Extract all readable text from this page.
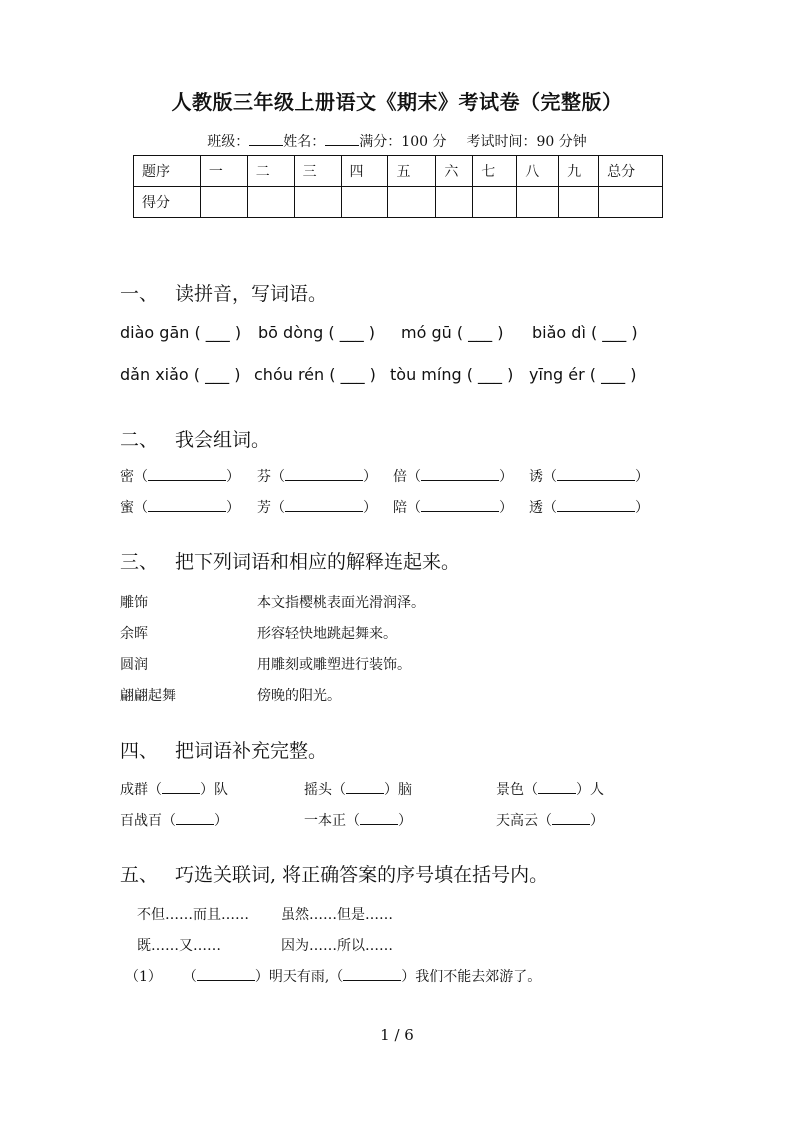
人教版三年级上册语文《期末》考试卷（完整版）
班级： 姓名： 满分：100 分 考试时间：90 分钟
题序	一	二	三	四	五	六	七	八	九	总分
得分										
一、 读拼音，写词语。
diào gān ( ___ ) bō dòng ( ___ ) mó gū ( ___ ) biǎo dì ( ___ )
dǎn xiǎo ( ___ ) chóu rén ( ___ ) tòu míng ( ___ ) yīng ér ( ___ )
二、 我会组词。
密（	） 芬（	） 倍（	） 诱（	）
蜜（	） 芳（	） 陪（	） 透（	）
三、 把下列词语和相应的解释连起来。
雕饰	本文指樱桃表面光滑润泽。
余晖	形容轻快地跳起舞来。
圆润	用雕刻或雕塑进行装饰。
翩翩起舞	傍晚的阳光。
四、 把词语补充完整。
成群（	）队	摇头（	）脑	景色（	）人
百战百（	）	一本正（	）	天高云（	）
五、 巧选关联词, 将正确答案的序号填在括号内。
不但……而且…… 虽然……但是……
既……又……	因为……所以……
（1） （	）明天有雨,（	）我们不能去郊游了。
1 / 6
